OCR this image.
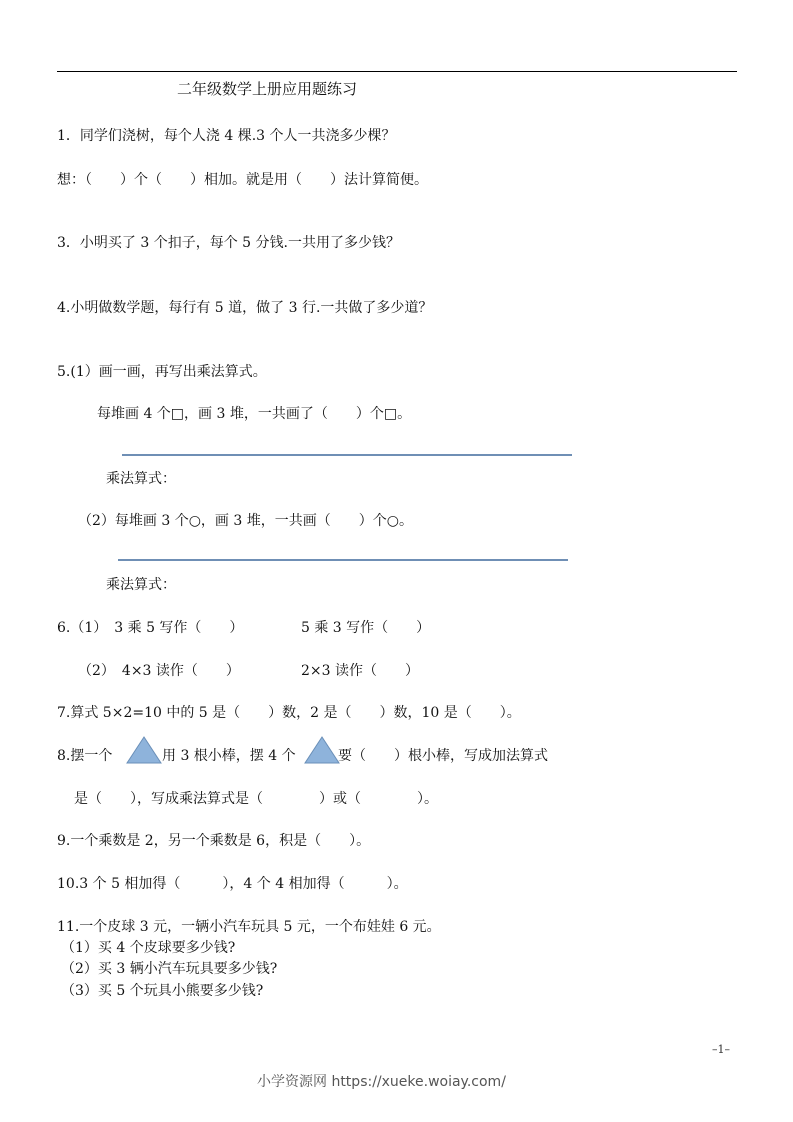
二年级数学上册应用题练习
1．同学们浇树，每个人浇 4 棵.3 个人一共浇多少棵？
想：（　　）个（　　）相加。就是用（　　）法计算简便。
3．小明买了 3 个扣子，每个 5 分钱.一共用了多少钱？
4.小明做数学题，每行有 5 道，做了 3 行.一共做了多少道？
5.(1）画一画，再写出乘法算式。
每堆画 4 个□，画 3 堆，一共画了（　　）个□。
乘法算式：
（2）每堆画 3 个○，画 3 堆，一共画（　　）个○。
乘法算式：
6.（1）　3 乘 5 写作（　　）	5 乘 3 写作（　　）
（2）　4×3 读作（　　）	2×3 读作（　　）
7.算式 5×2=10 中的 5 是（　　）数，2 是（　　）数，10 是（　　）。
8.摆一个	用 3 根小棒，摆 4 个	要（　　）根小棒，写成加法算式
是（　　），写成乘法算式是（　　　　）或（　　　　）。
9.一个乘数是 2，另一个乘数是 6，积是（　　）。
10.3 个 5 相加得（　　　），4 个 4 相加得（　　　）。
11.一个皮球 3 元，一辆小汽车玩具 5 元，一个布娃娃 6 元。
（1）买 4 个皮球要多少钱?
（2）买 3 辆小汽车玩具要多少钱?
（3）买 5 个玩具小熊要多少钱?
–1–
小学资源网 https://xueke.woiay.com/
